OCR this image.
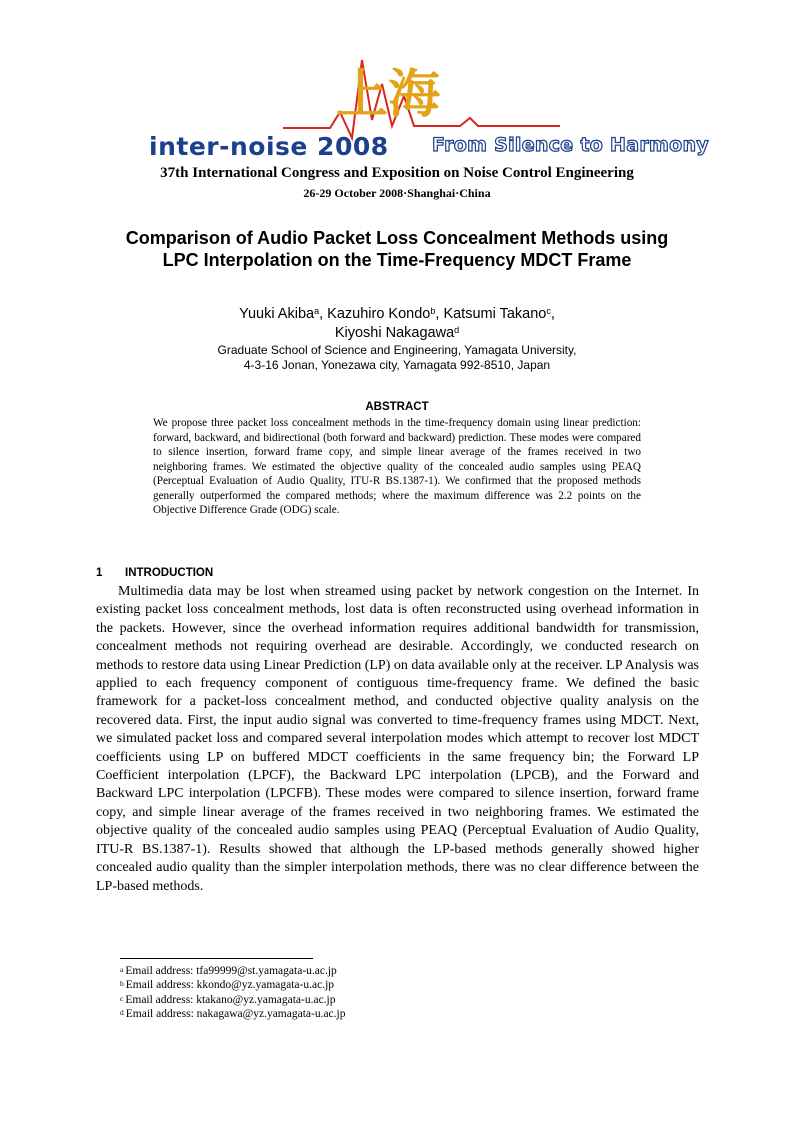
上海
inter-noise 2008 From Silence to Harmony
37th International Congress and Exposition on Noise Control Engineering
26-29 October 2008·Shanghai·China
Comparison of Audio Packet Loss Concealment Methods using
LPC Interpolation on the Time-Frequency MDCT Frame
Yuuki Akiba$^a$, Kazuhiro Kondo$^b$, Katsumi Takano$^c$,
Kiyoshi Nakagawa$^d$
Graduate School of Science and Engineering, Yamagata University,
4-3-16 Jonan, Yonezawa city, Yamagata 992-8510, Japan
ABSTRACT
We propose three packet loss concealment methods in the time-frequency domain using linear prediction: forward, backward, and bidirectional (both forward and backward) prediction. These modes were compared to silence insertion, forward frame copy, and simple linear average of the frames received in two neighboring frames. We estimated the objective quality of the concealed audio samples using PEAQ (Perceptual Evaluation of Audio Quality, ITU-R BS.1387-1). We confirmed that the proposed methods generally outperformed the compared methods; where the maximum difference was 2.2 points on the Objective Difference Grade (ODG) scale.
1 INTRODUCTION
Multimedia data may be lost when streamed using packet by network congestion on the Internet. In existing packet loss concealment methods, lost data is often reconstructed using overhead information in the packets. However, since the overhead information requires additional bandwidth for transmission, concealment methods not requiring overhead are desirable. Accordingly, we conducted research on methods to restore data using Linear Prediction (LP) on data available only at the receiver. LP Analysis was applied to each frequency component of contiguous time-frequency frame. We defined the basic framework for a packet-loss concealment method, and conducted objective quality analysis on the recovered data. First, the input audio signal was converted to time-frequency frames using MDCT. Next, we simulated packet loss and compared several interpolation modes which attempt to recover lost MDCT coefficients using LP on buffered MDCT coefficients in the same frequency bin; the Forward LP Coefficient interpolation (LPCF), the Backward LPC interpolation (LPCB), and the Forward and Backward LPC interpolation (LPCFB). These modes were compared to silence insertion, forward frame copy, and simple linear average of the frames received in two neighboring frames. We estimated the objective quality of the concealed audio samples using PEAQ (Perceptual Evaluation of Audio Quality, ITU-R BS.1387-1). Results showed that although the LP-based methods generally showed higher concealed audio quality than the simpler interpolation methods, there was no clear difference between the LP-based methods.
$^a$ Email address: tfa99999@st.yamagata-u.ac.jp
$^b$ Email address: kkondo@yz.yamagata-u.ac.jp
$^c$ Email address: ktakano@yz.yamagata-u.ac.jp
$^d$ Email address: nakagawa@yz.yamagata-u.ac.jp
